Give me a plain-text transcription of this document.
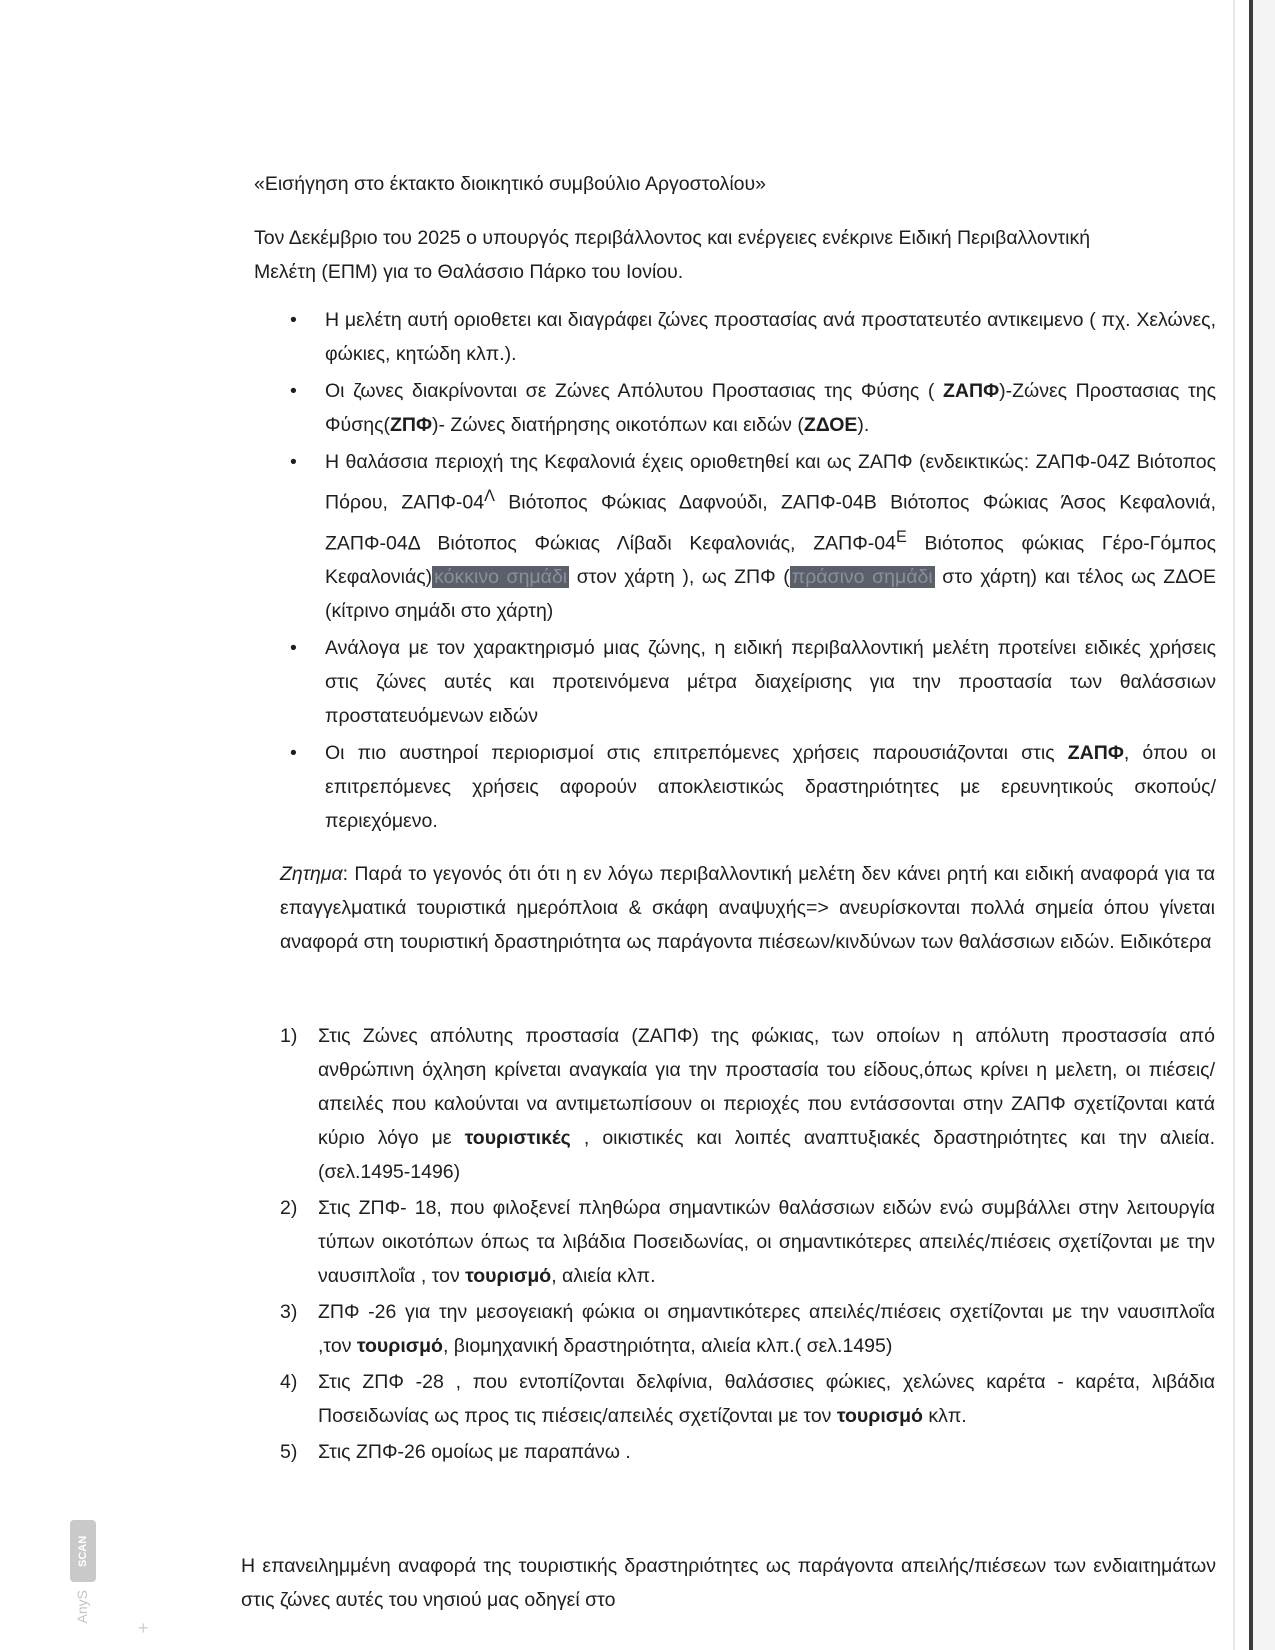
«Εισήγηση στο έκτακτο διοικητικό συμβούλιο Αργοστολίου»

Τον Δεκέμβριο του 2025 ο υπουργός περιβάλλοντος και ενέργειες ενέκρινε Ειδική Περιβαλλοντική Μελέτη (ΕΠΜ) για το Θαλάσσιο Πάρκο του Ιονίου.

• Η μελέτη αυτή οριοθετει και διαγράφει ζώνες προστασίας ανά προστατευτέο αντικειμενο ( πχ. Χελώνες, φώκιες, κητώδη κλπ.).
• Οι ζωνες διακρίνονται σε Ζώνες Απόλυτου Προστασιας της Φύσης ( ΖΑΠΦ)-Ζώνες Προστασιας της Φύσης(ΖΠΦ)- Ζώνες διατήρησης οικοτόπων και ειδών (ΖΔΟΕ).
• Η θαλάσσια περιοχή της Κεφαλονιά έχεις οριοθετηθεί και ως ΖΑΠΦ (ενδεικτικώς: ΖΑΠΦ-04Ζ Βιότοπος Πόρου, ΖΑΠΦ-$04^\Lambda$ Βιότοπος Φώκιας Δαφνούδι, ΖΑΠΦ-04Β Βιότοπος Φώκιας Άσος Κεφαλονιά, ΖΑΠΦ-04Δ Βιότοπος Φώκιας Λίβαδι Κεφαλονιάς, ΖΑΠΦ-$04^E$ Βιότοπος φώκιας Γέρο-Γόμπος Κεφαλονιάς) κόκκινο σημάδι στον χάρτη ), ως ΖΠΦ ( πράσινο σημάδι στο χάρτη) και τέλος ως ΖΔΟΕ (κίτρινο σημάδι στο χάρτη)
• Ανάλογα με τον χαρακτηρισμό μιας ζώνης, η ειδική περιβαλλοντική μελέτη προτείνει ειδικές χρήσεις στις ζώνες αυτές και προτεινόμενα μέτρα διαχείρισης για την προστασία των θαλάσσιων προστατευόμενων ειδών
• Οι πιο αυστηροί περιορισμοί στις επιτρεπόμενες χρήσεις παρουσιάζονται στις ΖΑΠΦ, όπου οι επιτρεπόμενες χρήσεις αφορούν αποκλειστικώς δραστηριότητες με ερευνητικούς σκοπούς/περιεχόμενο.

Ζητημα: Παρά το γεγονός ότι ότι η εν λόγω περιβαλλοντική μελέτη δεν κάνει ρητή και ειδική αναφορά για τα επαγγελματικά τουριστικά ημερόπλοια & σκάφη αναψυχής=> ανευρίσκονται πολλά σημεία όπου γίνεται αναφορά στη τουριστική δραστηριότητα ως παράγοντα πιέσεων/κινδύνων των θαλάσσιων ειδών. Ειδικότερα

1) Στις Ζώνες απόλυτης προστασία (ΖΑΠΦ) της φώκιας, των οποίων η απόλυτη προστασσία από ανθρώπινη όχληση κρίνεται αναγκαία για την προστασία του είδους,όπως κρίνει η μελετη, οι πιέσεις/απειλές που καλούνται να αντιμετωπίσουν οι περιοχές που εντάσσονται στην ΖΑΠΦ σχετίζονται κατά κύριο λόγο με τουριστικές , οικιστικές και λοιπές αναπτυξιακές δραστηριότητες και την αλιεία. (σελ.1495-1496)
2) Στις ΖΠΦ- 18, που φιλοξενεί πληθώρα σημαντικών θαλάσσιων ειδών ενώ συμβάλλει στην λειτουργία τύπων οικοτόπων όπως τα λιβάδια Ποσειδωνίας, οι σημαντικότερες απειλές/πιέσεις σχετίζονται με την ναυσιπλοΐα , τον τουρισμό, αλιεία κλπ.
3) ΖΠΦ -26 για την μεσογειακή φώκια οι σημαντικότερες απειλές/πιέσεις σχετίζονται με την ναυσιπλοΐα ,τον τουρισμό, βιομηχανική δραστηριότητα, αλιεία κλπ.( σελ.1495)
4) Στις ΖΠΦ -28 , που εντοπίζονται δελφίνια, θαλάσσιες φώκιες, χελώνες καρέτα - καρέτα, λιβάδια Ποσειδωνίας ως προς τις πιέσεις/απειλές σχετίζονται με τον τουρισμό κλπ.
5) Στις ΖΠΦ-26 ομοίως με παραπάνω .

Η επανειλημμένη αναφορά της τουριστικής δραστηριότητες ως παράγοντα απειλής/πιέσεων των ενδιαιτημάτων στις ζώνες αυτές του νησιού μας οδηγεί στο

SCAN
AnyS
+
